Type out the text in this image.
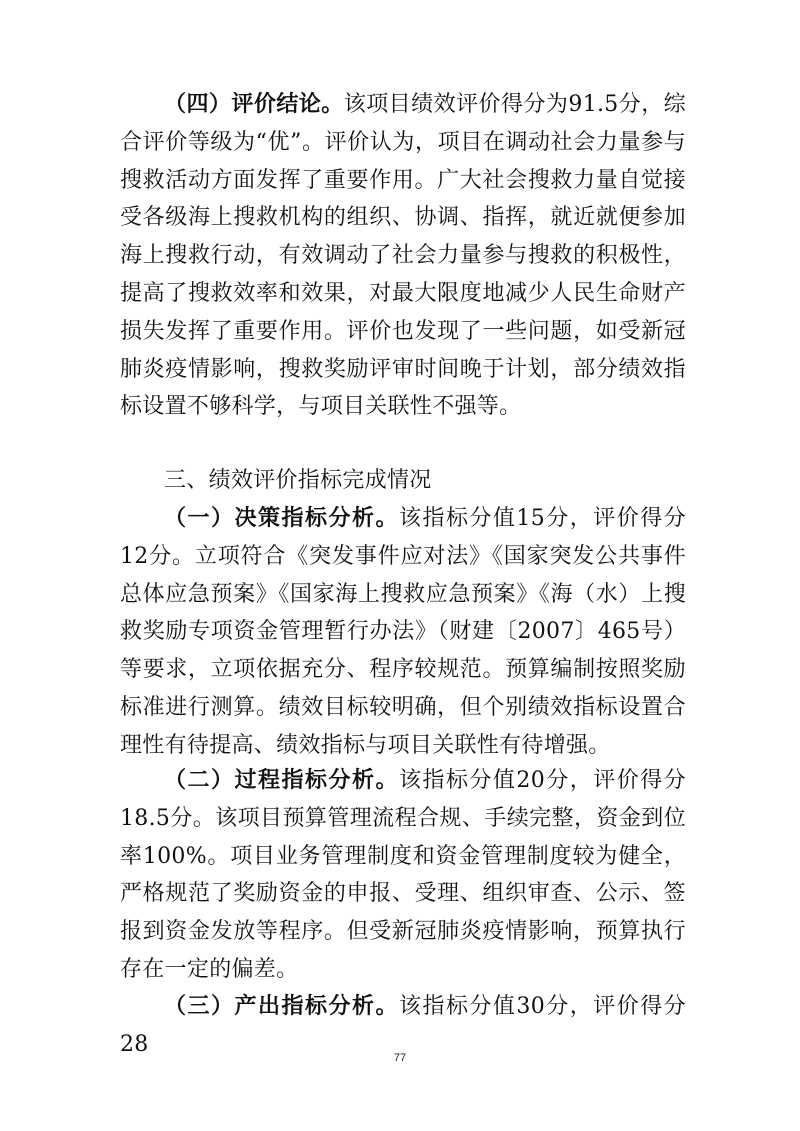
（四）评价结论。该项目绩效评价得分为91.5分，综合评价等级为“优”。评价认为，项目在调动社会力量参与搜救活动方面发挥了重要作用。广大社会搜救力量自觉接受各级海上搜救机构的组织、协调、指挥，就近就便参加海上搜救行动，有效调动了社会力量参与搜救的积极性，提高了搜救效率和效果，对最大限度地减少人民生命财产损失发挥了重要作用。评价也发现了一些问题，如受新冠肺炎疫情影响，搜救奖励评审时间晚于计划，部分绩效指标设置不够科学，与项目关联性不强等。

三、绩效评价指标完成情况

（一）决策指标分析。该指标分值15分，评价得分12分。立项符合《突发事件应对法》《国家突发公共事件总体应急预案》《国家海上搜救应急预案》《海（水）上搜救奖励专项资金管理暂行办法》（财建〔2007〕465号）等要求，立项依据充分、程序较规范。预算编制按照奖励标准进行测算。绩效目标较明确，但个别绩效指标设置合理性有待提高、绩效指标与项目关联性有待增强。

（二）过程指标分析。该指标分值20分，评价得分18.5分。该项目预算管理流程合规、手续完整，资金到位率100%。项目业务管理制度和资金管理制度较为健全，严格规范了奖励资金的申报、受理、组织审查、公示、签报到资金发放等程序。但受新冠肺炎疫情影响，预算执行存在一定的偏差。

（三）产出指标分析。该指标分值30分，评价得分28

77
